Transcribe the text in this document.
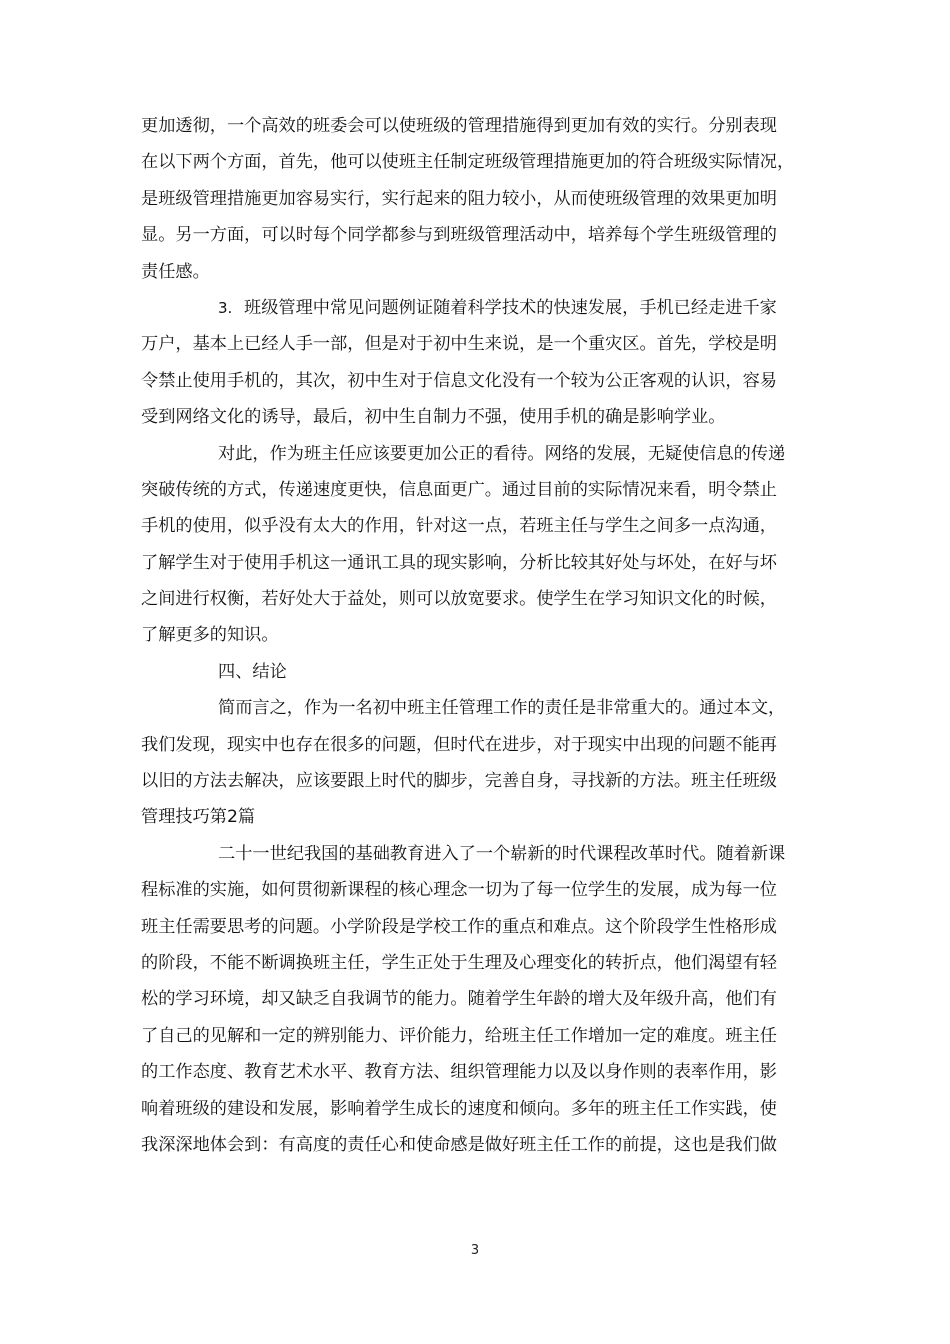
更加透彻，一个高效的班委会可以使班级的管理措施得到更加有效的实行。分别表现
在以下两个方面，首先，他可以使班主任制定班级管理措施更加的符合班级实际情况，
是班级管理措施更加容易实行，实行起来的阻力较小，从而使班级管理的效果更加明
显。另一方面，可以时每个同学都参与到班级管理活动中，培养每个学生班级管理的
责任感。
3. 班级管理中常见问题例证随着科学技术的快速发展，手机已经走进千家
万户，基本上已经人手一部，但是对于初中生来说，是一个重灾区。首先，学校是明
令禁止使用手机的，其次，初中生对于信息文化没有一个较为公正客观的认识，容易
受到网络文化的诱导，最后，初中生自制力不强，使用手机的确是影响学业。
对此，作为班主任应该要更加公正的看待。网络的发展，无疑使信息的传递
突破传统的方式，传递速度更快，信息面更广。通过目前的实际情况来看，明令禁止
手机的使用，似乎没有太大的作用，针对这一点，若班主任与学生之间多一点沟通，
了解学生对于使用手机这一通讯工具的现实影响，分析比较其好处与坏处，在好与坏
之间进行权衡，若好处大于益处，则可以放宽要求。使学生在学习知识文化的时候，
了解更多的知识。
四、结论
简而言之，作为一名初中班主任管理工作的责任是非常重大的。通过本文，
我们发现，现实中也存在很多的问题，但时代在进步，对于现实中出现的问题不能再
以旧的方法去解决，应该要跟上时代的脚步，完善自身，寻找新的方法。班主任班级
管理技巧第2篇
二十一世纪我国的基础教育进入了一个崭新的时代课程改革时代。随着新课
程标准的实施，如何贯彻新课程的核心理念一切为了每一位学生的发展，成为每一位
班主任需要思考的问题。小学阶段是学校工作的重点和难点。这个阶段学生性格形成
的阶段，不能不断调换班主任，学生正处于生理及心理变化的转折点，他们渴望有轻
松的学习环境，却又缺乏自我调节的能力。随着学生年龄的增大及年级升高，他们有
了自己的见解和一定的辨别能力、评价能力，给班主任工作增加一定的难度。班主任
的工作态度、教育艺术水平、教育方法、组织管理能力以及以身作则的表率作用，影
响着班级的建设和发展，影响着学生成长的速度和倾向。多年的班主任工作实践，使
我深深地体会到：有高度的责任心和使命感是做好班主任工作的前提，这也是我们做
3
